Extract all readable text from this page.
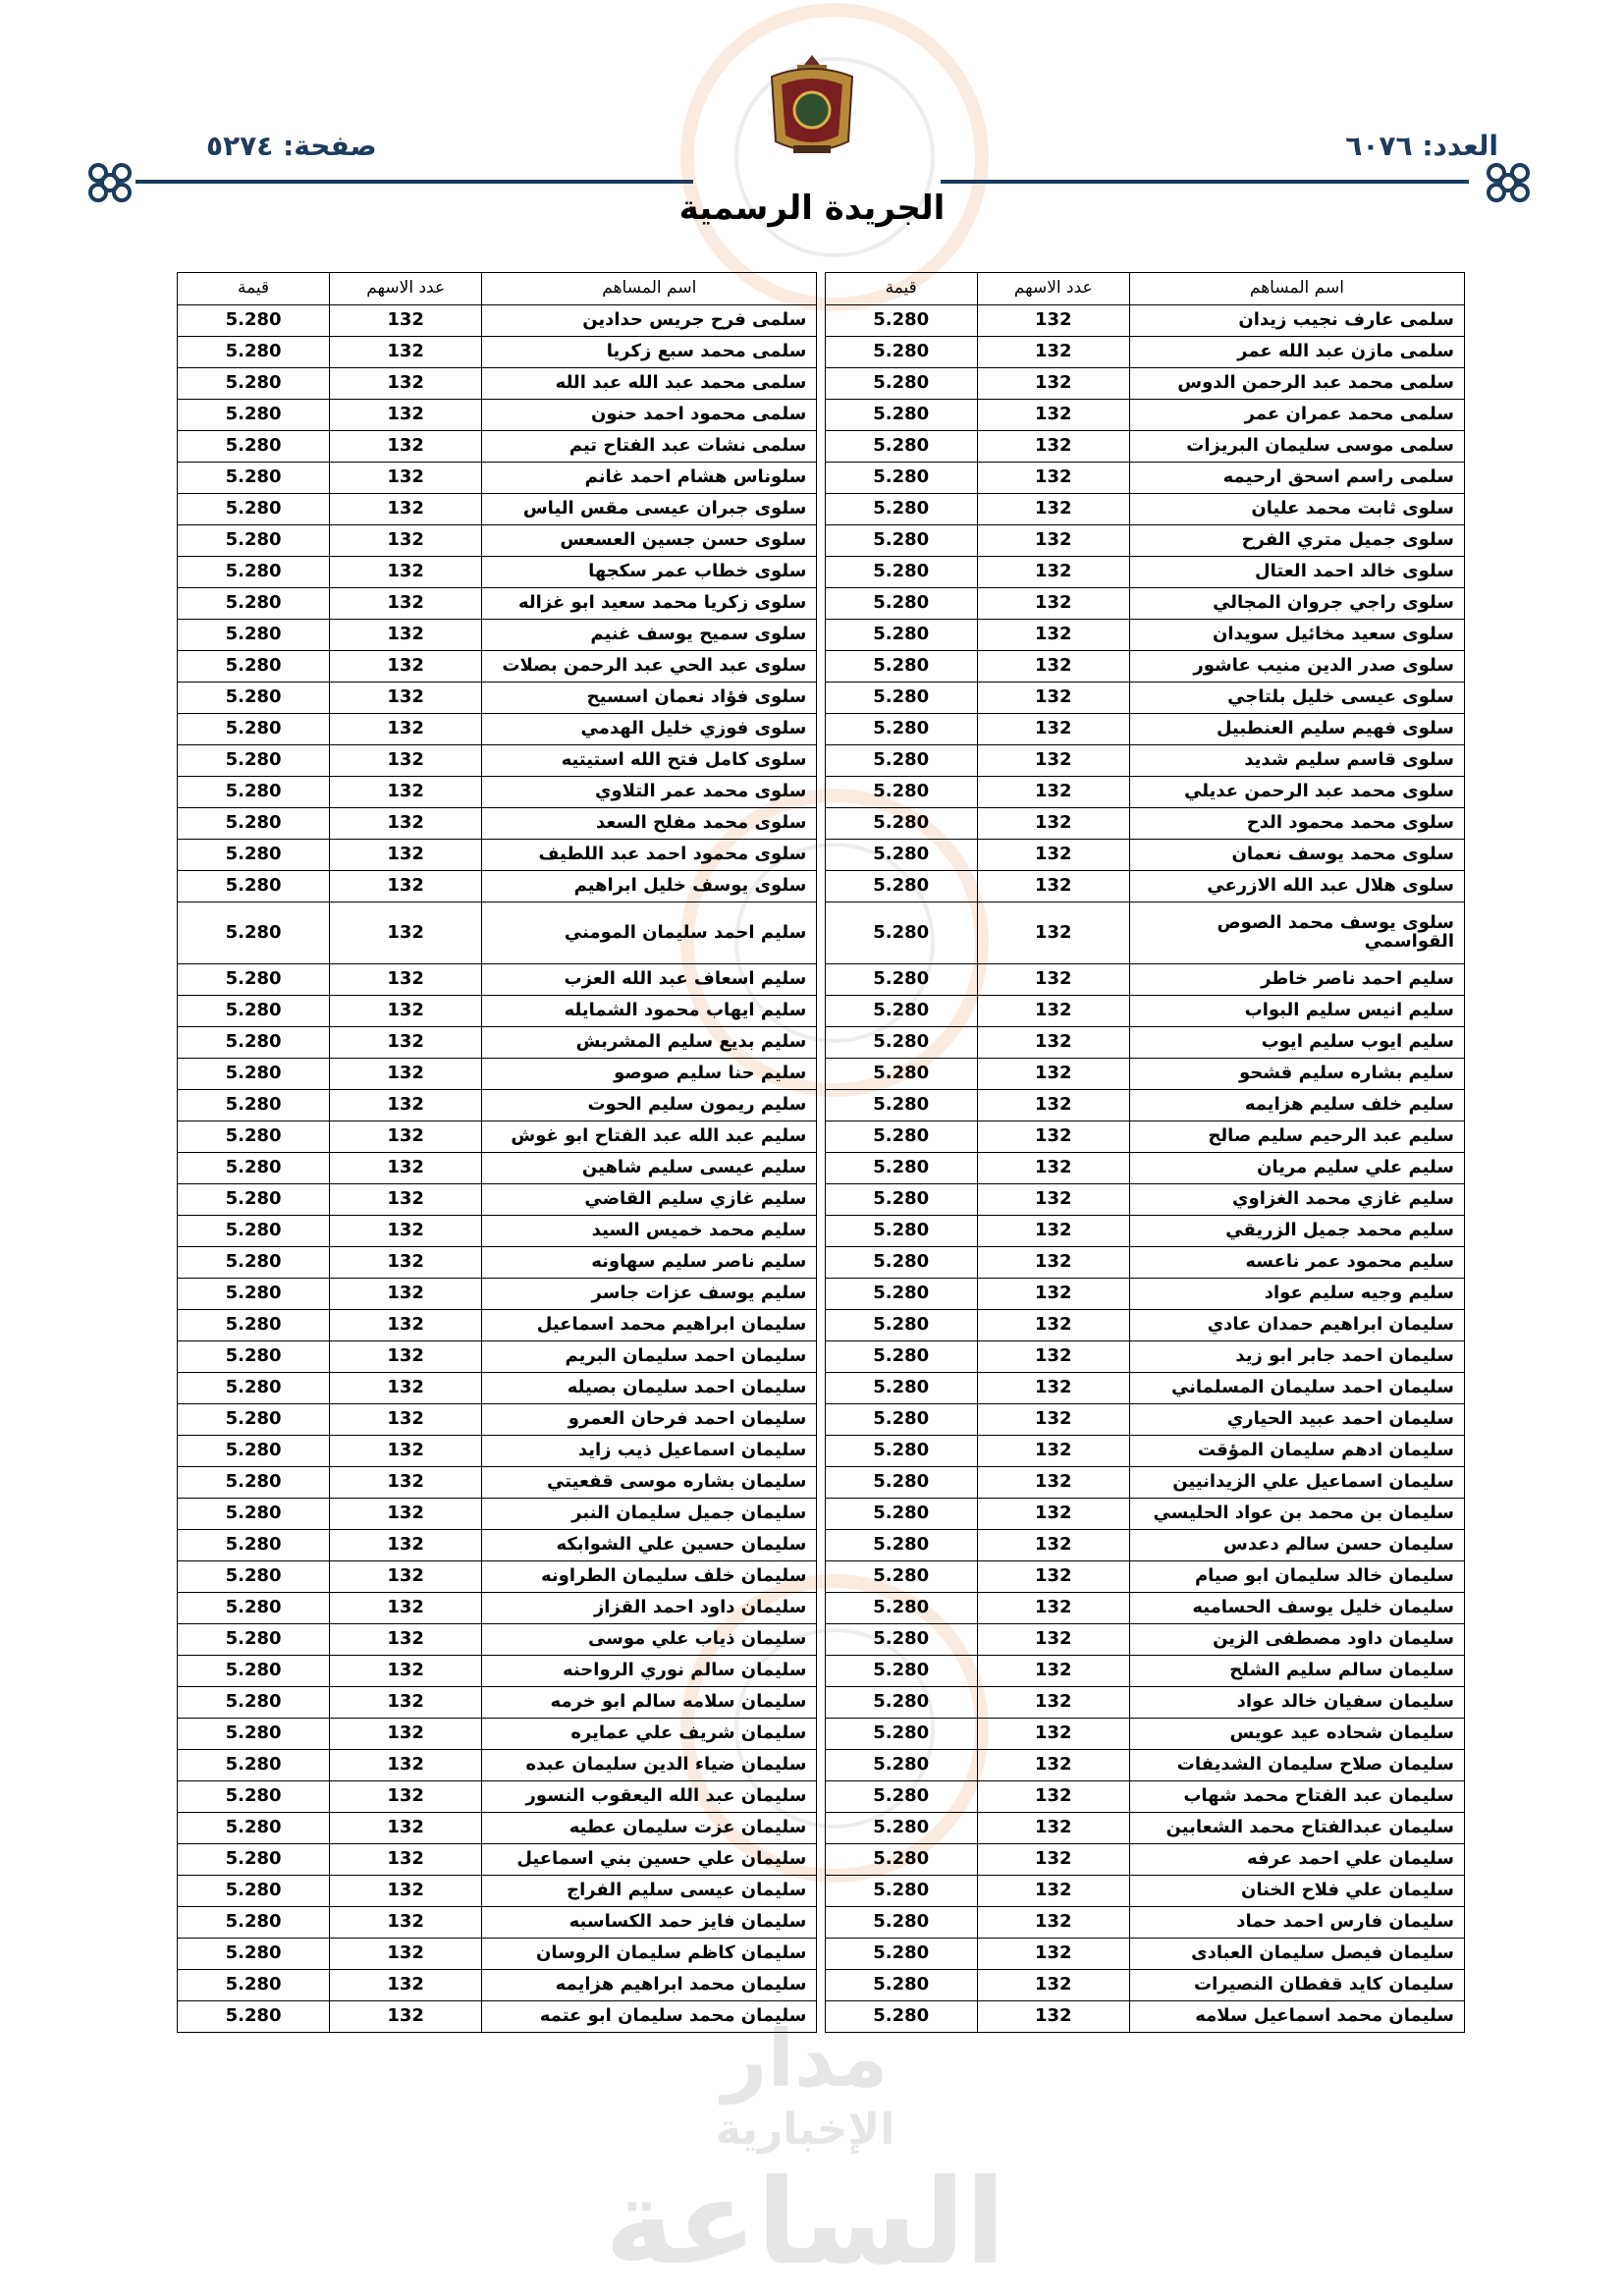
مدار
الإخبارية
الساعة
العدد: ٦٠٧٦
صفحة: ٥٢٧٤
الجريدة الرسمية
اسم المساهم	عدد الاسهم	قيمة		اسم المساهم	عدد الاسهم	قيمة
سلمى عارف نجيب زيدان	132	5.280		سلمى فرح جريس حدادين	132	5.280
سلمى مازن عبد الله عمر	132	5.280		سلمى محمد سبع زكريا	132	5.280
سلمى محمد عبد الرحمن الدوس	132	5.280		سلمى محمد عبد الله عبد الله	132	5.280
سلمى محمد عمران عمر	132	5.280		سلمى محمود احمد حنون	132	5.280
سلمى موسى سليمان البريزات	132	5.280		سلمى نشات عبد الفتاح تيم	132	5.280
سلمى راسم اسحق ارحيمه	132	5.280		سلوناس هشام احمد غانم	132	5.280
سلوى ثابت محمد عليان	132	5.280		سلوى جبران عيسى مقس الياس	132	5.280
سلوى جميل متري الفرح	132	5.280		سلوى حسن جسين العسعس	132	5.280
سلوى خالد احمد العتال	132	5.280		سلوى خطاب عمر سكجها	132	5.280
سلوى راجي جروان المجالي	132	5.280		سلوى زكريا محمد سعيد ابو غزاله	132	5.280
سلوى سعيد مخائيل سويدان	132	5.280		سلوى سميح يوسف غنيم	132	5.280
سلوى صدر الدين منيب عاشور	132	5.280		سلوى عبد الحي عبد الرحمن بصلات	132	5.280
سلوى عيسى خليل بلتاجي	132	5.280		سلوى فؤاد نعمان اسسيح	132	5.280
سلوى فهيم سليم العنطبيل	132	5.280		سلوى فوزي خليل الهدمي	132	5.280
سلوى قاسم سليم شديد	132	5.280		سلوى كامل فتح الله استيتيه	132	5.280
سلوى محمد عبد الرحمن عديلي	132	5.280		سلوى محمد عمر التلاوي	132	5.280
سلوى محمد محمود الدح	132	5.280		سلوى محمد مفلح السعد	132	5.280
سلوى محمد يوسف نعمان	132	5.280		سلوى محمود احمد عبد اللطيف	132	5.280
سلوى هلال عبد الله الازرعي	132	5.280		سلوى يوسف خليل ابراهيم	132	5.280
سلوى يوسف محمد الصوص القواسمي	132	5.280		سليم احمد سليمان المومني	132	5.280
سليم احمد ناصر خاطر	132	5.280		سليم اسعاف عبد الله العزب	132	5.280
سليم انيس سليم البواب	132	5.280		سليم ايهاب محمود الشمايله	132	5.280
سليم ايوب سليم ايوب	132	5.280		سليم بديع سليم المشربش	132	5.280
سليم بشاره سليم قشحو	132	5.280		سليم حنا سليم صوصو	132	5.280
سليم خلف سليم هزايمه	132	5.280		سليم ريمون سليم الحوت	132	5.280
سليم عبد الرحيم سليم صالح	132	5.280		سليم عبد الله عبد الفتاح ابو غوش	132	5.280
سليم علي سليم مريان	132	5.280		سليم عيسى سليم شاهين	132	5.280
سليم غازي محمد الغزاوي	132	5.280		سليم غازي سليم القاضي	132	5.280
سليم محمد جميل الزريقي	132	5.280		سليم محمد خميس السيد	132	5.280
سليم محمود عمر ناعسه	132	5.280		سليم ناصر سليم سهاونه	132	5.280
سليم وجيه سليم عواد	132	5.280		سليم يوسف عزات جاسر	132	5.280
سليمان ابراهيم حمدان عادي	132	5.280		سليمان ابراهيم محمد اسماعيل	132	5.280
سليمان احمد جابر ابو زيد	132	5.280		سليمان احمد سليمان البريم	132	5.280
سليمان احمد سليمان المسلماني	132	5.280		سليمان احمد سليمان بصيله	132	5.280
سليمان احمد عبيد الحياري	132	5.280		سليمان احمد فرحان العمرو	132	5.280
سليمان ادهم سليمان المؤقت	132	5.280		سليمان اسماعيل ذيب زايد	132	5.280
سليمان اسماعيل علي الزيدانيين	132	5.280		سليمان بشاره موسى قفعيتي	132	5.280
سليمان بن محمد بن عواد الحليسي	132	5.280		سليمان جميل سليمان النبر	132	5.280
سليمان حسن سالم دعدس	132	5.280		سليمان حسين علي الشوابكه	132	5.280
سليمان خالد سليمان ابو صيام	132	5.280		سليمان خلف سليمان الطراونه	132	5.280
سليمان خليل يوسف الحساميه	132	5.280		سليمان داود احمد القزاز	132	5.280
سليمان داود مصطفى الزين	132	5.280		سليمان ذياب علي موسى	132	5.280
سليمان سالم سليم الشلح	132	5.280		سليمان سالم نوري الرواحنه	132	5.280
سليمان سفيان خالد عواد	132	5.280		سليمان سلامه سالم ابو خرمه	132	5.280
سليمان شحاده عيد عويس	132	5.280		سليمان شريف علي عمايره	132	5.280
سليمان صلاح سليمان الشديفات	132	5.280		سليمان ضياء الدين سليمان عبده	132	5.280
سليمان عبد الفتاح محمد شهاب	132	5.280		سليمان عبد الله اليعقوب النسور	132	5.280
سليمان عبدالفتاح محمد الشعابين	132	5.280		سليمان عزت سليمان عطيه	132	5.280
سليمان علي احمد عرفه	132	5.280		سليمان علي حسين بني اسماعيل	132	5.280
سليمان علي فلاح الخنان	132	5.280		سليمان عيسى سليم الفراج	132	5.280
سليمان فارس احمد حماد	132	5.280		سليمان فايز حمد الكساسبه	132	5.280
سليمان فيصل سليمان العبادى	132	5.280		سليمان كاظم سليمان الروسان	132	5.280
سليمان كايد قفطان النصيرات	132	5.280		سليمان محمد ابراهيم هزايمه	132	5.280
سليمان محمد اسماعيل سلامه	132	5.280		سليمان محمد سليمان ابو عتمه	132	5.280
